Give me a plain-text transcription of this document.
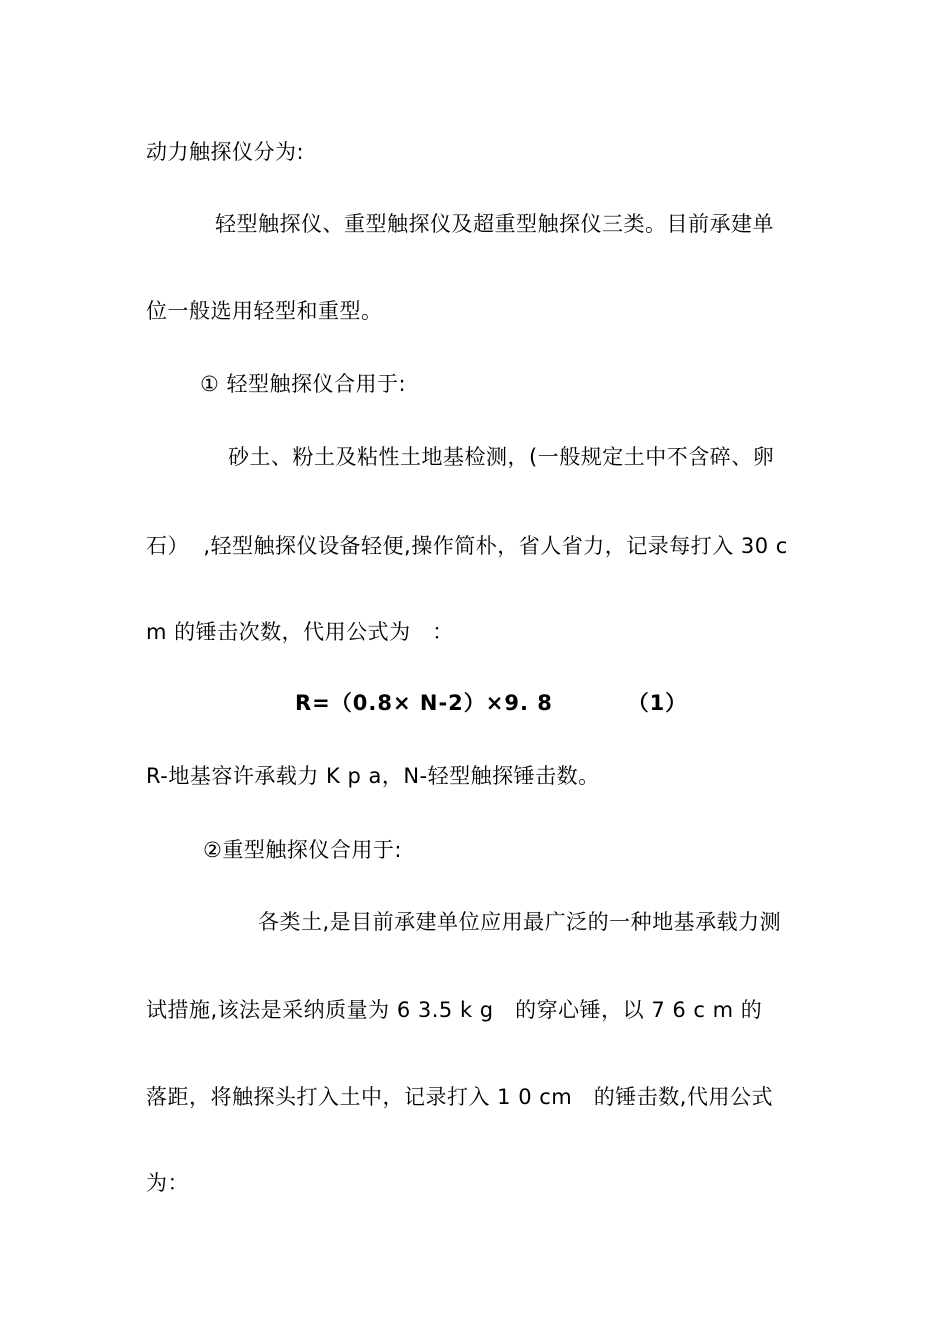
动力触探仪分为:
轻型触探仪、重型触探仪及超重型触探仪三类。目前承建单
位一般选用轻型和重型。
① 轻型触探仪合用于:
砂土、粉土及粘性土地基检测，(一般规定土中不含碎、卵
石）  ,轻型触探仪设备轻便,操作简朴，省人省力，记录每打入 30 c
m 的锤击次数，代用公式为   ：
R=（0.8× N-2）×9. 8         （1）
R-地基容许承载力 K p a，N-轻型触探锤击数。
②重型触探仪合用于:
各类土,是目前承建单位应用最广泛的一种地基承载力测
试措施,该法是采纳质量为 6 3.5 k g   的穿心锤，以 7 6 c m 的
落距，将触探头打入土中，记录打入 1 0 cm   的锤击数,代用公式
为：
